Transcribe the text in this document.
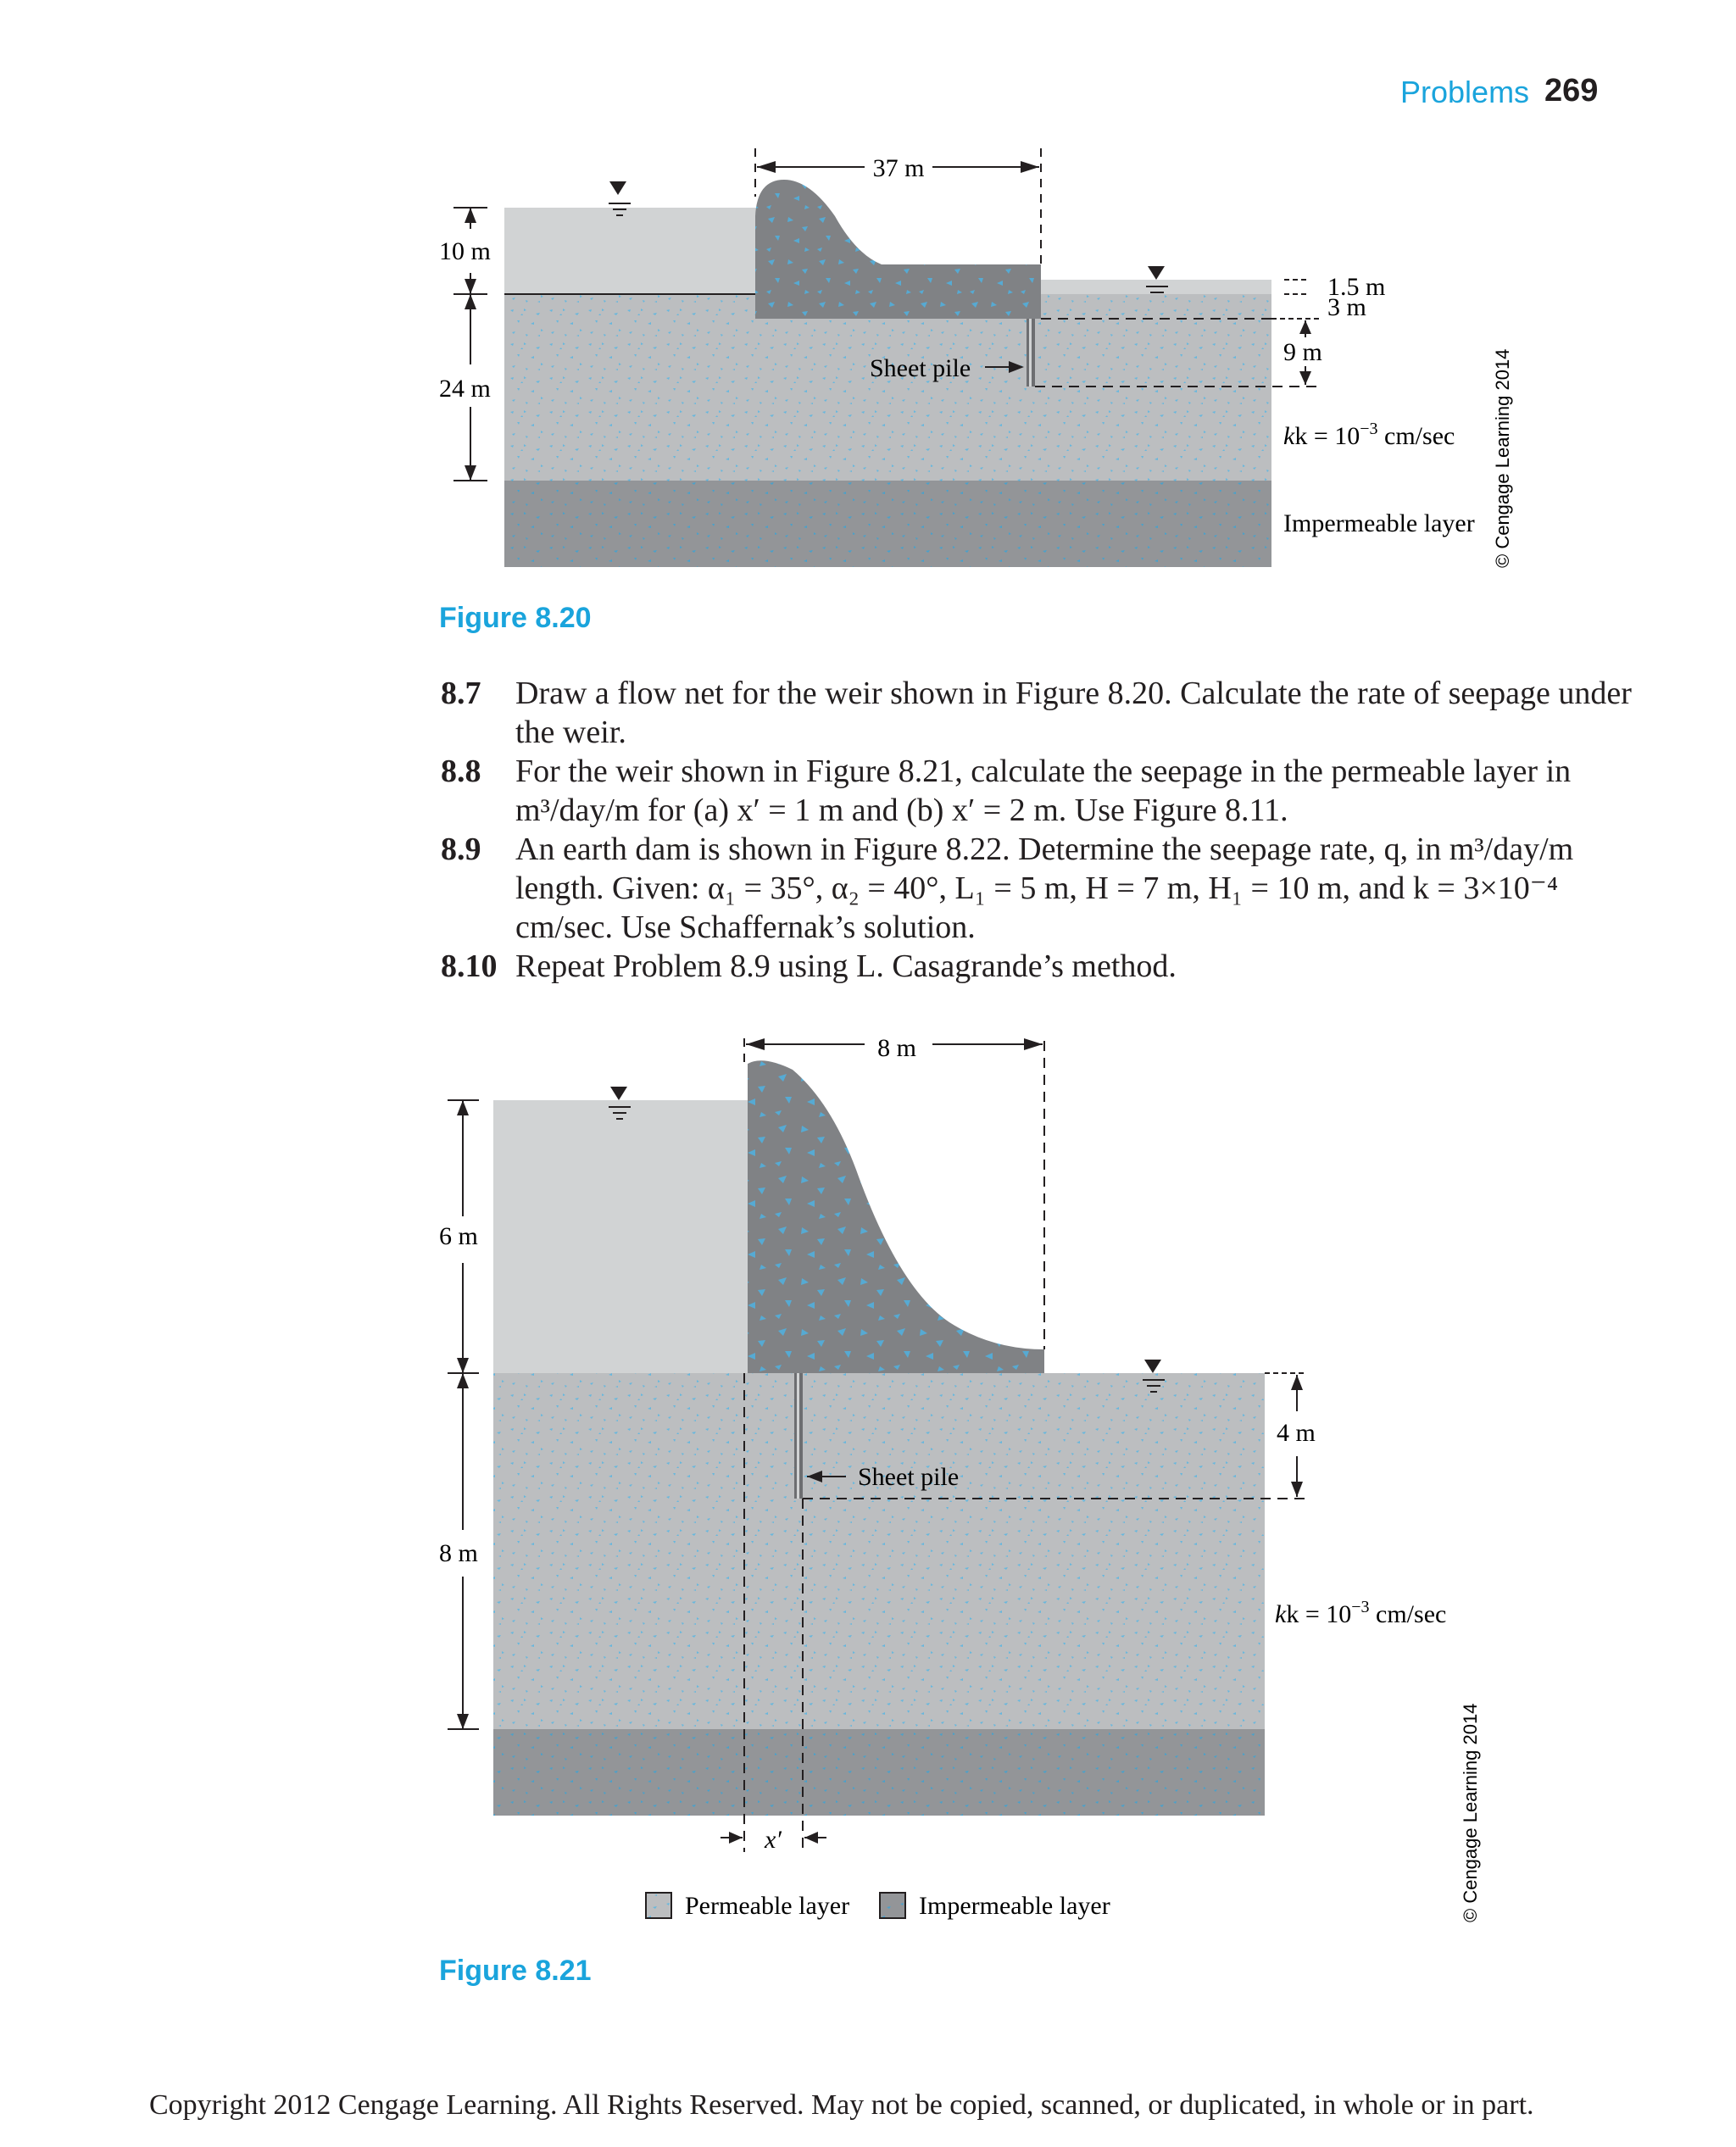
Problems 269
37 m
10 m
24 m
1.5 m
3 m
9 m
Sheet pile
kk = $10^{-3}$ cm/sec
Impermeable layer © Cengage Learning 2014
Figure 8.20
8.7 Draw a flow net for the weir shown in Figure 8.20. Calculate the rate of seepage under the weir.
8.8 For the weir shown in Figure 8.21, calculate the seepage in the permeable layer in m³/day/m for (a) x′ = 1 m and (b) x′ = 2 m. Use Figure 8.11.
8.9 An earth dam is shown in Figure 8.22. Determine the seepage rate, q, in m³/day/m length. Given: α₁ = 35°, α₂ = 40°, L₁ = 5 m, H = 7 m, H₁ = 10 m, and k = 3×10⁻⁴ cm/sec. Use Schaffernak’s solution.
8.10 Repeat Problem 8.9 using L. Casagrande’s method.
8 m
6 m
8 m
4 m
Sheet pile
kk = $10^{-3}$ cm/sec
x′
Permeable layer	Impermeable layer	© Cengage Learning 2014
Figure 8.21
Copyright 2012 Cengage Learning. All Rights Reserved. May not be copied, scanned, or duplicated, in whole or in part.
